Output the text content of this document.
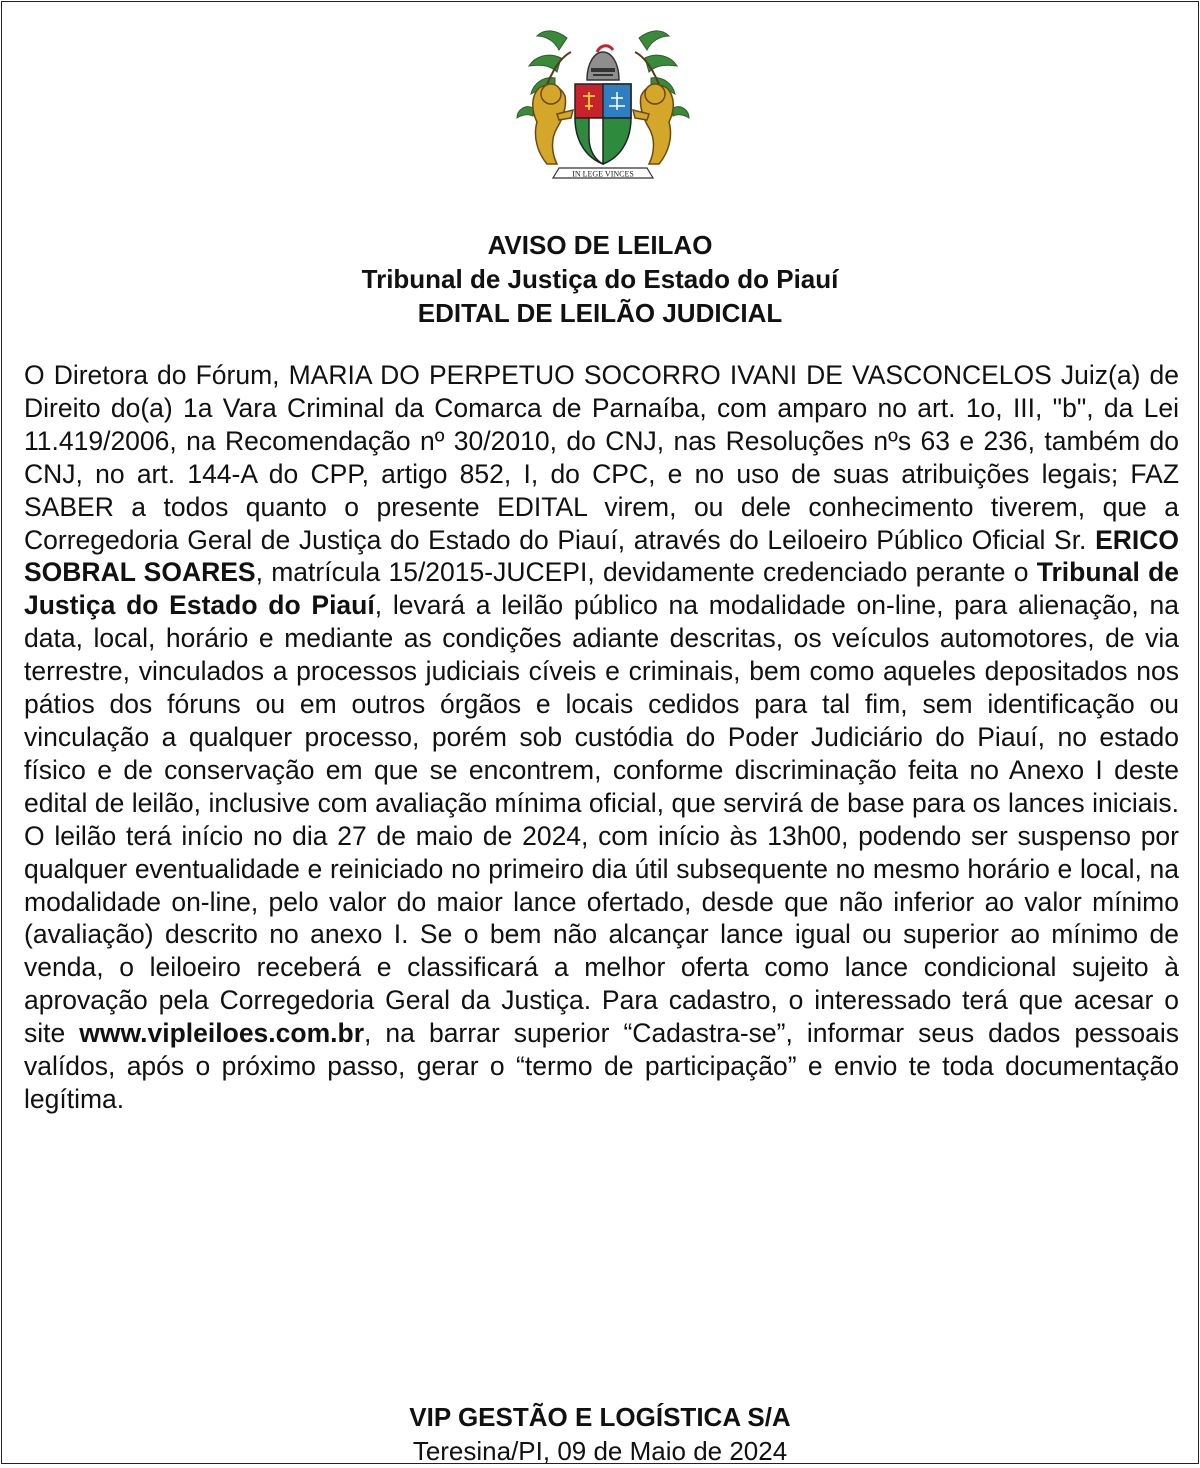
IN LEGE VINCES
AVISO DE LEILAO
Tribunal de Justiça do Estado do Piauí
EDITAL DE LEILÃO JUDICIAL

O Diretora do Fórum, MARIA DO PERPETUO SOCORRO IVANI DE VASCONCELOS Juiz(a) de Direito do(a) 1a Vara Criminal da Comarca de Parnaíba, com amparo no art. 1o, III, "b", da Lei 11.419/2006, na Recomendação nº 30/2010, do CNJ, nas Resoluções nºs 63 e 236, também do CNJ, no art. 144-A do CPP, artigo 852, I, do CPC, e no uso de suas atribuições legais; FAZ SABER a todos quanto o presente EDITAL virem, ou dele conhecimento tiverem, que a Corregedoria Geral de Justiça do Estado do Piauí, através do Leiloeiro Público Oficial Sr. ERICO SOBRAL SOARES, matrícula 15/2015-JUCEPI, devidamente credenciado perante o Tribunal de Justiça do Estado do Piauí, levará a leilão público na modalidade on-line, para alienação, na data, local, horário e mediante as condições adiante descritas, os veículos automotores, de via terrestre, vinculados a processos judiciais cíveis e criminais, bem como aqueles depositados nos pátios dos fóruns ou em outros órgãos e locais cedidos para tal fim, sem identificação ou vinculação a qualquer processo, porém sob custódia do Poder Judiciário do Piauí, no estado físico e de conservação em que se encontrem, conforme discriminação feita no Anexo I deste edital de leilão, inclusive com avaliação mínima oficial, que servirá de base para os lances iniciais. O leilão terá início no dia 27 de maio de 2024, com início às 13h00, podendo ser suspenso por qualquer eventualidade e reiniciado no primeiro dia útil subsequente no mesmo horário e local, na modalidade on-line, pelo valor do maior lance ofertado, desde que não inferior ao valor mínimo (avaliação) descrito no anexo I. Se o bem não alcançar lance igual ou superior ao mínimo de venda, o leiloeiro receberá e classificará a melhor oferta como lance condicional sujeito à aprovação pela Corregedoria Geral da Justiça. Para cadastro, o interessado terá que acesar o site www.vipleiloes.com.br, na barrar superior “Cadastra-se”, informar seus dados pessoais valídos, após o próximo passo, gerar o “termo de participação” e envio te toda documentação legítima.

VIP GESTÃO E LOGÍSTICA S/A
Teresina/PI, 09 de Maio de 2024
